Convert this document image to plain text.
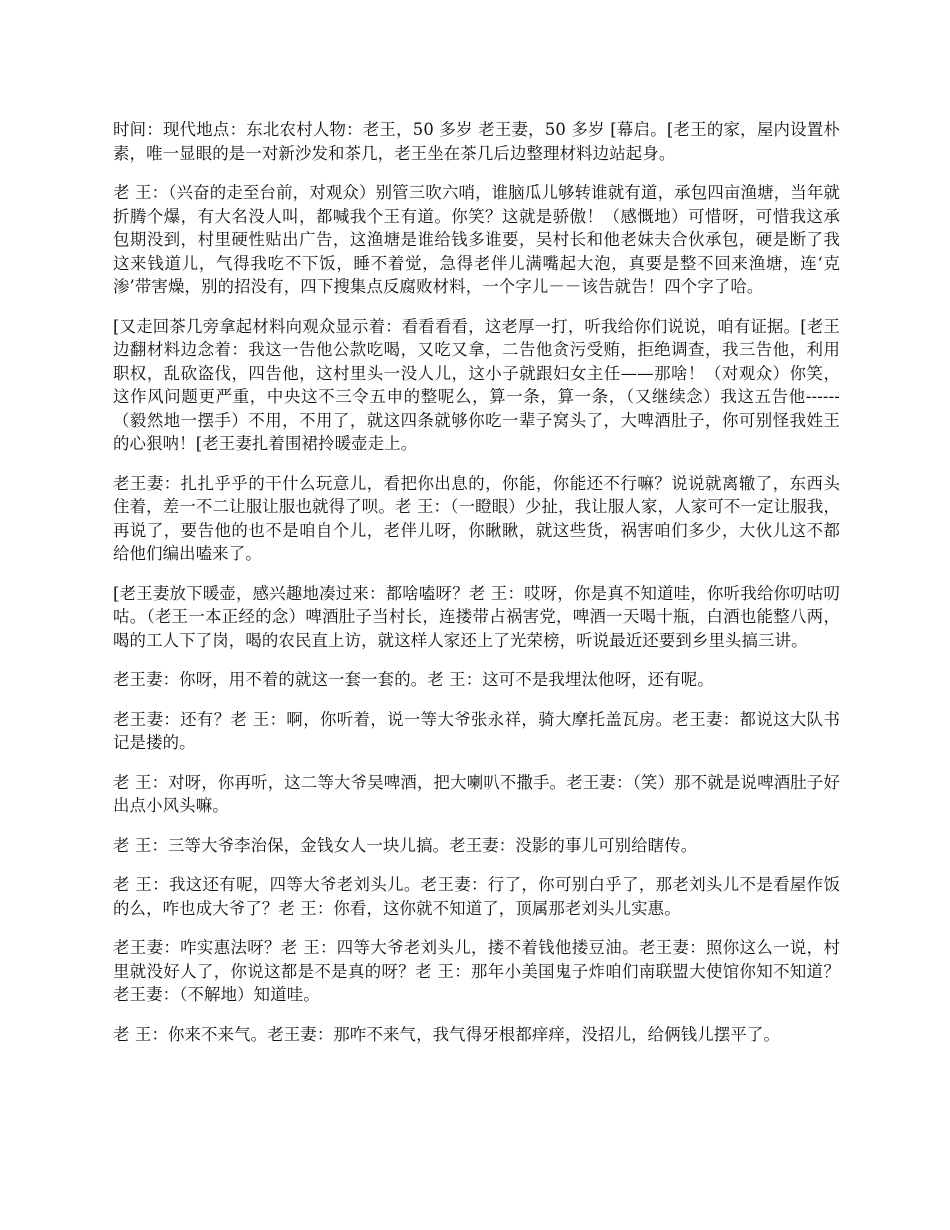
时间：现代地点：东北农村人物：老王，50 多岁 老王妻，50 多岁 [幕启。[老王的家，屋内设置朴素，唯一显眼的是一对新沙发和茶几，老王坐在茶几后边整理材料边站起身。

老 王：（兴奋的走至台前，对观众）别管三吹六哨，谁脑瓜儿够转谁就有道，承包四亩渔塘，当年就折腾个爆，有大名没人叫，都喊我个王有道。你笑？这就是骄傲！（感慨地）可惜呀，可惜我这承包期没到，村里硬性贴出广告，这渔塘是谁给钱多谁要，吴村长和他老妹夫合伙承包，硬是断了我这来钱道儿，气得我吃不下饭，睡不着觉，急得老伴儿满嘴起大泡，真要是整不回来渔塘，连‘克渗’带害燥，别的招没有，四下搜集点反腐败材料，一个字儿－－该告就告！四个字了哈。

[又走回茶几旁拿起材料向观众显示着：看看看看，这老厚一打，听我给你们说说，咱有证据。[老王边翻材料边念着：我这一告他公款吃喝，又吃又拿，二告他贪污受贿，拒绝调查，我三告他，利用职权，乱砍盗伐，四告他，这村里头一没人儿，这小子就跟妇女主任——那啥！（对观众）你笑，这作风问题更严重，中央这不三令五申的整呢么，算一条，算一条，（又继续念）我这五告他------（毅然地一摆手）不用，不用了，就这四条就够你吃一辈子窝头了，大啤酒肚子，你可别怪我姓王的心狠呐！[老王妻扎着围裙拎暖壶走上。

老王妻：扎扎乎乎的干什么玩意儿，看把你出息的，你能，你能还不行嘛？说说就离辙了，东西头住着，差一不二让服让服也就得了呗。老 王：（一瞪眼）少扯，我让服人家，人家可不一定让服我，再说了，要告他的也不是咱自个儿，老伴儿呀，你瞅瞅，就这些货，祸害咱们多少，大伙儿这不都给他们编出嗑来了。

[老王妻放下暖壶，感兴趣地凑过来：都啥嗑呀？老 王：哎呀，你是真不知道哇，你听我给你叨咕叨咕。（老王一本正经的念）啤酒肚子当村长，连搂带占祸害党，啤酒一天喝十瓶，白酒也能整八两，喝的工人下了岗，喝的农民直上访，就这样人家还上了光荣榜，听说最近还要到乡里头搞三讲。

老王妻：你呀，用不着的就这一套一套的。老 王：这可不是我埋汰他呀，还有呢。

老王妻：还有？老 王：啊，你听着，说一等大爷张永祥，骑大摩托盖瓦房。老王妻：都说这大队书记是搂的。

老 王：对呀，你再听，这二等大爷吴啤酒，把大喇叭不撒手。老王妻：（笑）那不就是说啤酒肚子好出点小风头嘛。

老 王：三等大爷李治保，金钱女人一块儿搞。老王妻：没影的事儿可别给瞎传。

老 王：我这还有呢，四等大爷老刘头儿。老王妻：行了，你可别白乎了，那老刘头儿不是看屋作饭的么，咋也成大爷了？老 王：你看，这你就不知道了，顶属那老刘头儿实惠。

老王妻：咋实惠法呀？老 王：四等大爷老刘头儿，搂不着钱他搂豆油。老王妻：照你这么一说，村里就没好人了，你说这都是不是真的呀？老 王：那年小美国鬼子炸咱们南联盟大使馆你知不知道？老王妻：（不解地）知道哇。

老 王：你来不来气。老王妻：那咋不来气，我气得牙根都痒痒，没招儿，给俩钱儿摆平了。
